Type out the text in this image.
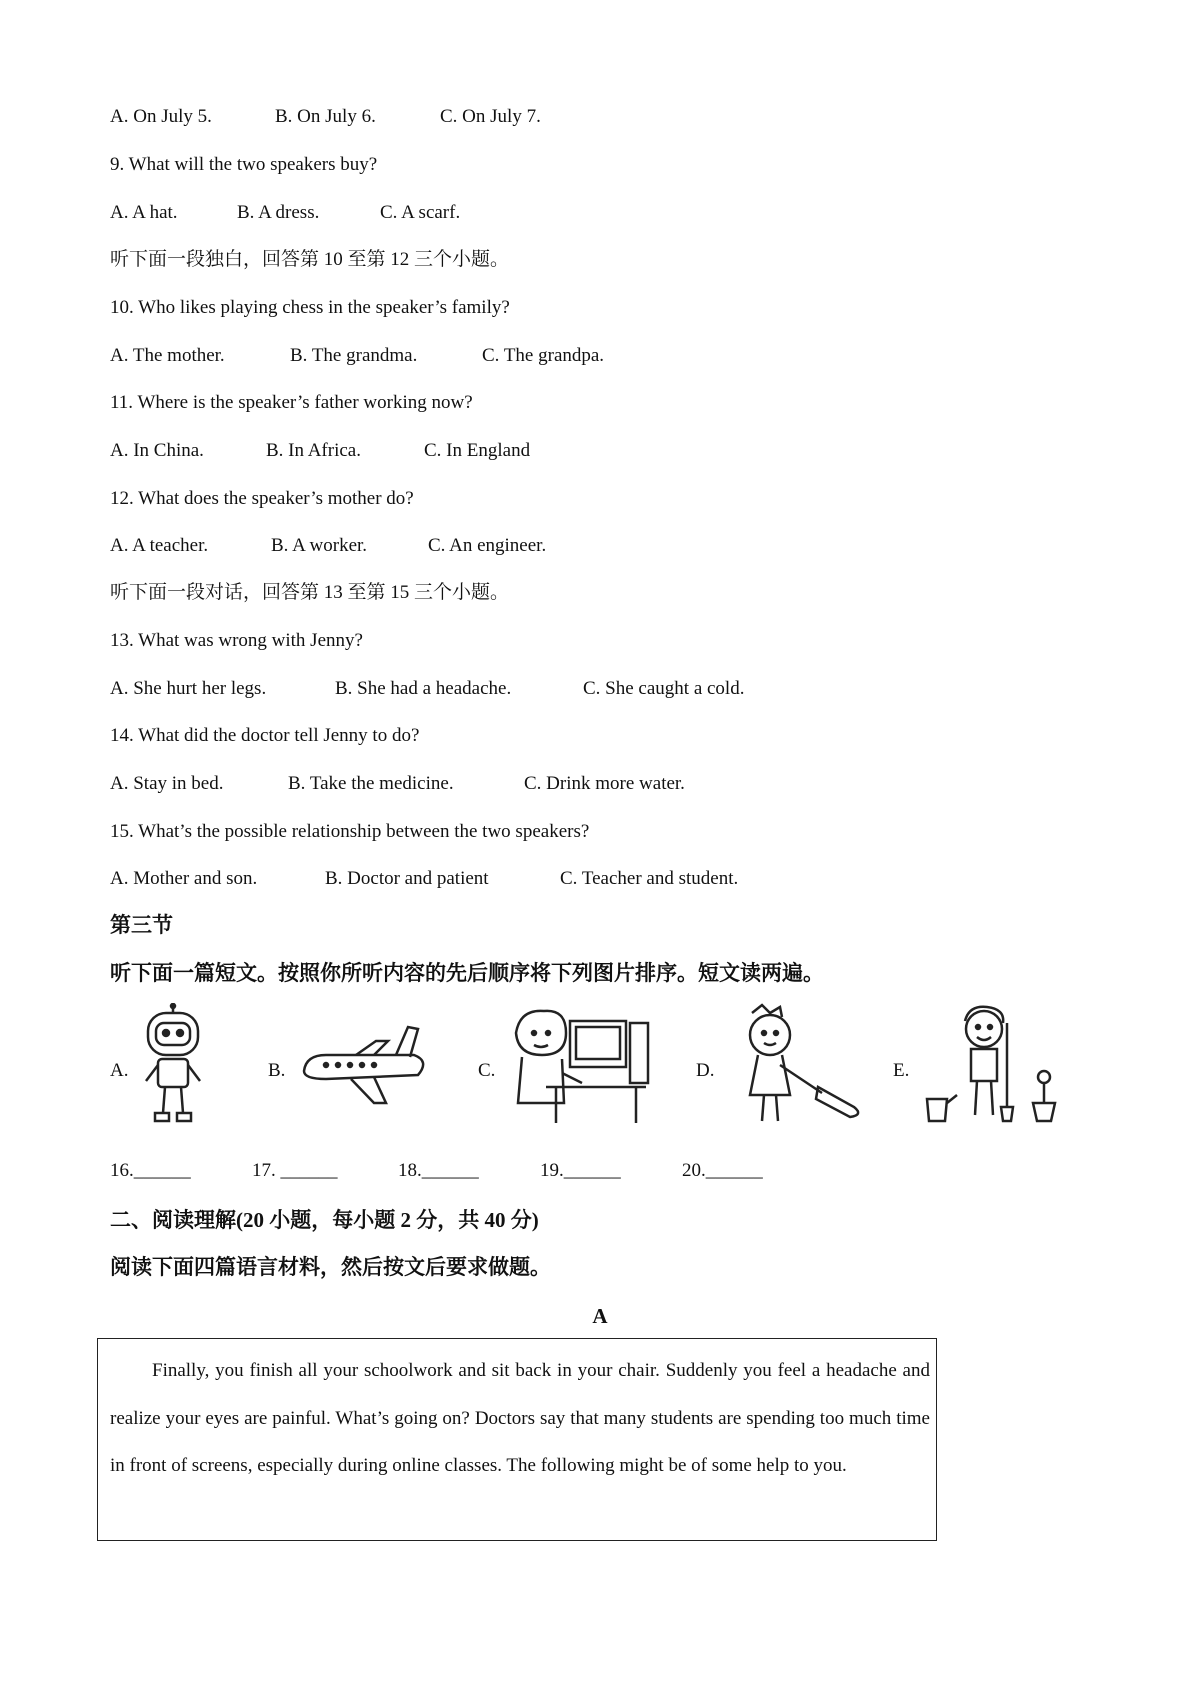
A. On July 5.	B. On July 6.	C. On July 7.
9. What will the two speakers buy?
A. A hat.	B. A dress.	C. A scarf.
听下面一段独白，回答第 10 至第 12 三个小题。
10. Who likes playing chess in the speaker’s family?
A. The mother.	B. The grandma.	C. The grandpa.
11. Where is the speaker’s father working now?
A. In China.	B. In Africa.	C. In England
12. What does the speaker’s mother do?
A. A teacher.	B. A worker.	C. An engineer.
听下面一段对话，回答第 13 至第 15 三个小题。
13. What was wrong with Jenny?
A. She hurt her legs.	B. She had a headache.	C. She caught a cold.
14. What did the doctor tell Jenny to do?
A. Stay in bed.	B. Take the medicine.	C. Drink more water.
15. What’s the possible relationship between the two speakers?
A. Mother and son.	B. Doctor and patient	C. Teacher and student.
第三节
听下面一篇短文。按照你所听内容的先后顺序将下列图片排序。短文读两遍。
A.	B.	C.	D.	E.
16.______	17. ______	18.______	19.______	20.______
二、阅读理解(20 小题，每小题 2 分，共 40 分)
阅读下面四篇语言材料，然后按文后要求做题。
A

Finally, you finish all your schoolwork and sit back in your chair. Suddenly you feel a headache and realize your eyes are painful. What’s going on? Doctors say that many students are spending too much time in front of screens, especially during online classes. The following might be of some help to you.
